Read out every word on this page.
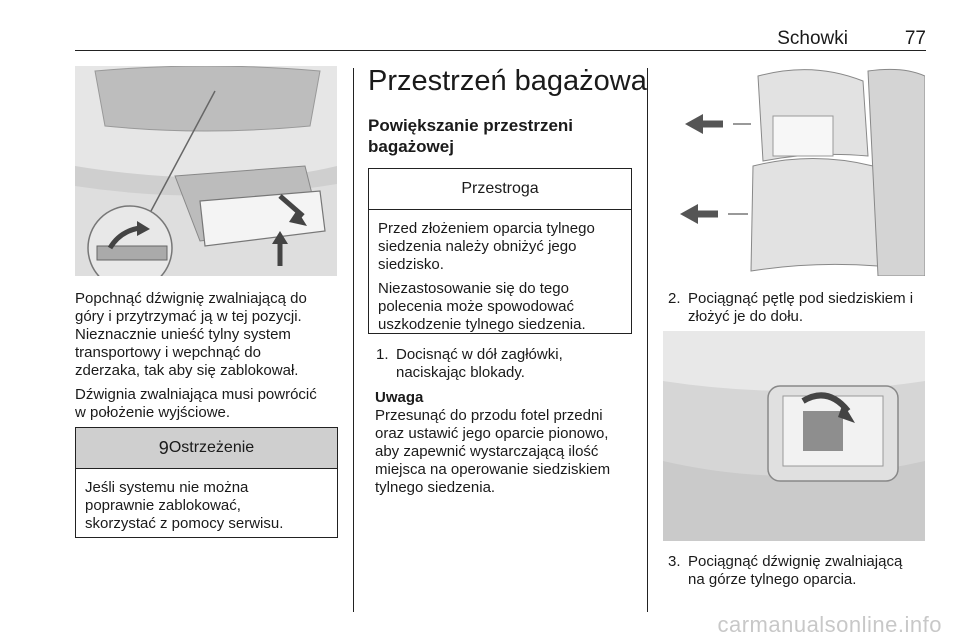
Schowki	77

Popchnąć dźwignię zwalniającą do
góry i przytrzymać ją w tej pozycji.
Nieznacznie unieść tylny system
transportowy i wepchnąć do
zderzaka, tak aby się zablokował.

Dźwignia zwalniająca musi powrócić
w położenie wyjściowe.

9 Ostrzeżenie

Jeśli systemu nie można
poprawnie zablokować,
skorzystać z pomocy serwisu.

Przestrzeń bagażowa
Powiększanie przestrzeni
bagażowej
Przestroga

Przed złożeniem oparcia tylnego
siedzenia należy obniżyć jego
siedzisko.

Niezastosowanie się do tego
polecenia może spowodować
uszkodzenie tylnego siedzenia.

1. Docisnąć w dół zagłówki,
naciskając blokady.

Uwaga

Przesunąć do przodu fotel przedni
oraz ustawić jego oparcie pionowo,
aby zapewnić wystarczającą ilość
miejsca na operowanie siedziskiem
tylnego siedzenia.

2. Pociągnąć pętlę pod siedziskiem i
złożyć je do dołu.
3. Pociągnąć dźwignię zwalniającą
na górze tylnego oparcia.
carmanualsonline.info
